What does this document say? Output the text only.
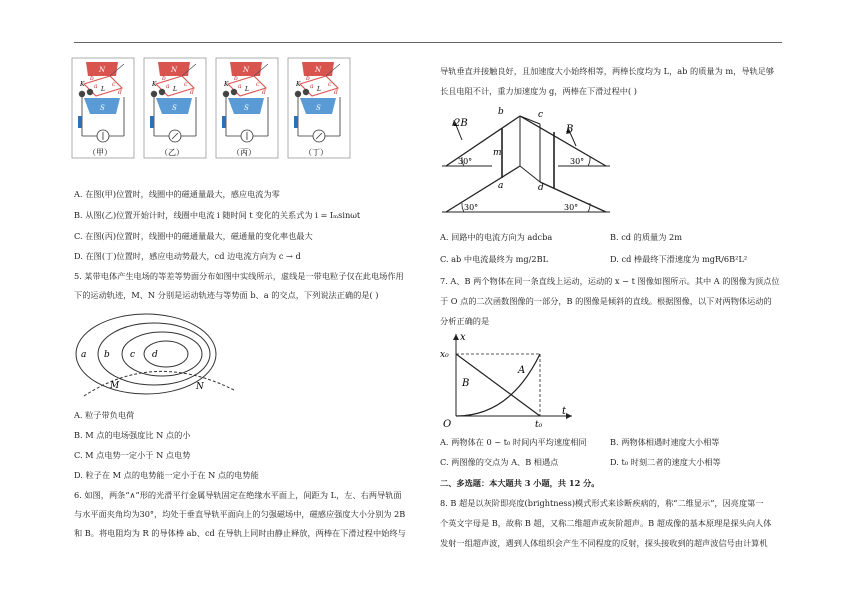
N
S
K
L
b
c
a
d
N
S
K
L
b
c
a
d
N
S
K
L
b
c
a
d
N
S
K
L
b
c
a
d
（甲）	（乙）	（丙）	（丁）
A. 在图(甲)位置时，线圈中的磁通量最大，感应电流为零
B. 从图(乙)位置开始计时，线圈中电流 i 随时间 t 变化的关系式为 i = Iₘsinωt
C. 在图(丙)位置时，线圈中的磁通量最大，磁通量的变化率也最大
D. 在图(丁)位置时，感应电动势最大，cd 边电流方向为 c → d
5. 某带电体产生电场的等差等势面分布如图中实线所示，虚线是一带电粒子仅在此电场作用
下的运动轨迹，M、N 分别是运动轨迹与等势面 b、a 的交点，下列说法正确的是( )
a b c d
M	N
A. 粒子带负电荷
B. M 点的电场强度比 N 点的小
C. M 点电势一定小于 N 点电势
D. 粒子在 M 点的电势能一定小于在 N 点的电势能
6. 如图，两条“∧”形的光滑平行金属导轨固定在绝缘水平面上，间距为 L，左、右两导轨面
与水平面夹角均为30°，均处于垂直导轨平面向上的匀强磁场中，磁感应强度大小分别为 2B
和 B。将电阻均为 R 的导体棒 ab、cd 在导轨上同时由静止释放，两棒在下滑过程中始终与
导轨垂直并接触良好，且加速度大小始终相等，两棒长度均为 L，ab 的质量为 m，导轨足够
长且电阻不计，重力加速度为 g，两棒在下滑过程中( )
2B
B
b	c
m
a	d
30°	30°
30°	30°
A. 回路中的电流方向为 adcba	B. cd 的质量为 2m
C. ab 中电流最终为 mg/2BL	D. cd 棒最终下滑速度为 mgR/6B²L²
7. A、B 两个物体在同一条直线上运动，运动的 x − t 图像如图所示。其中 A 的图像为顶点位
于 O 点的二次函数图像的一部分，B 的图像是倾斜的直线。根据图像，以下对两物体运动的
分析正确的是
x
t
x₀
t₀
O
A
B
A. 两物体在 0 ~ t₀ 时间内平均速度相同	B. 两物体相遇时速度大小相等
C. 两图像的交点为 A、B 相遇点	D. t₀ 时刻二者的速度大小相等
二、多选题：本大题共 3 小题，共 12 分。
8. B 超是以灰阶即亮度(brightness)模式形式来诊断疾病的，称“二维显示”，因亮度第一
个英文字母是 B，故称 B 超，又称二维超声或灰阶超声。B 超成像的基本原理是探头向人体
发射一组超声波，遇到人体组织会产生不同程度的反射，探头接收到的超声波信号由计算机
